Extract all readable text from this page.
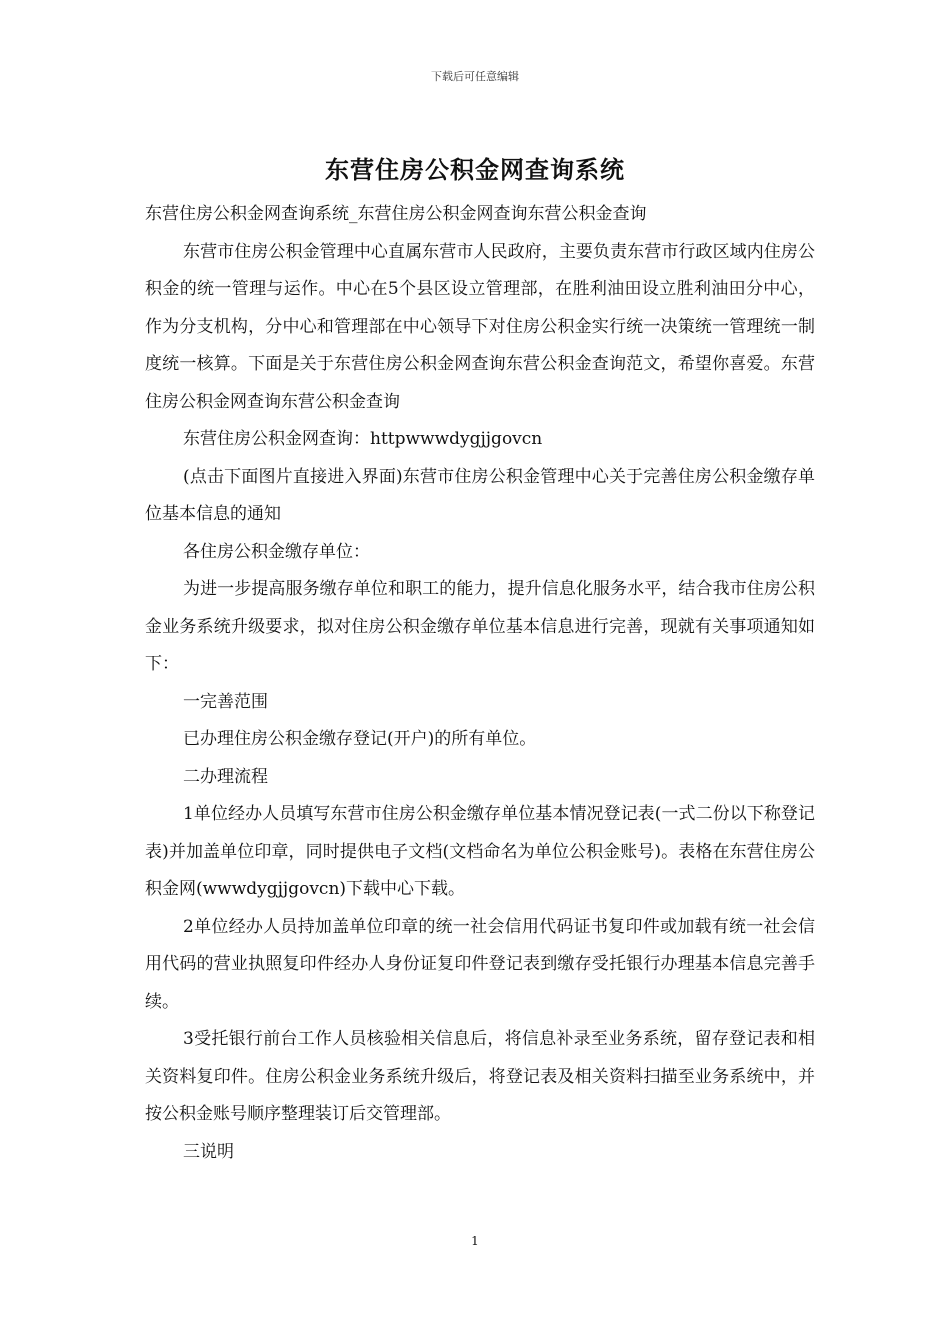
下载后可任意编辑

东营住房公积金网查询系统

东营住房公积金网查询系统_东营住房公积金网查询东营公积金查询

东营市住房公积金管理中心直属东营市人民政府，主要负责东营市行政区域内住房公积金的统一管理与运作。中心在5个县区设立管理部，在胜利油田设立胜利油田分中心，作为分支机构，分中心和管理部在中心领导下对住房公积金实行统一决策统一管理统一制度统一核算。下面是关于东营住房公积金网查询东营公积金查询范文，希望你喜爱。东营住房公积金网查询东营公积金查询

东营住房公积金网查询：httpwwwdygjjgovcn

(点击下面图片直接进入界面)东营市住房公积金管理中心关于完善住房公积金缴存单位基本信息的通知

各住房公积金缴存单位：

为进一步提高服务缴存单位和职工的能力，提升信息化服务水平，结合我市住房公积金业务系统升级要求，拟对住房公积金缴存单位基本信息进行完善，现就有关事项通知如下：

一完善范围

已办理住房公积金缴存登记(开户)的所有单位。

二办理流程

1单位经办人员填写东营市住房公积金缴存单位基本情况登记表(一式二份以下称登记表)并加盖单位印章，同时提供电子文档(文档命名为单位公积金账号)。表格在东营住房公积金网(wwwdygjjgovcn)下载中心下载。

2单位经办人员持加盖单位印章的统一社会信用代码证书复印件或加载有统一社会信用代码的营业执照复印件经办人身份证复印件登记表到缴存受托银行办理基本信息完善手续。

3受托银行前台工作人员核验相关信息后，将信息补录至业务系统，留存登记表和相关资料复印件。住房公积金业务系统升级后，将登记表及相关资料扫描至业务系统中，并按公积金账号顺序整理装订后交管理部。

三说明

1
